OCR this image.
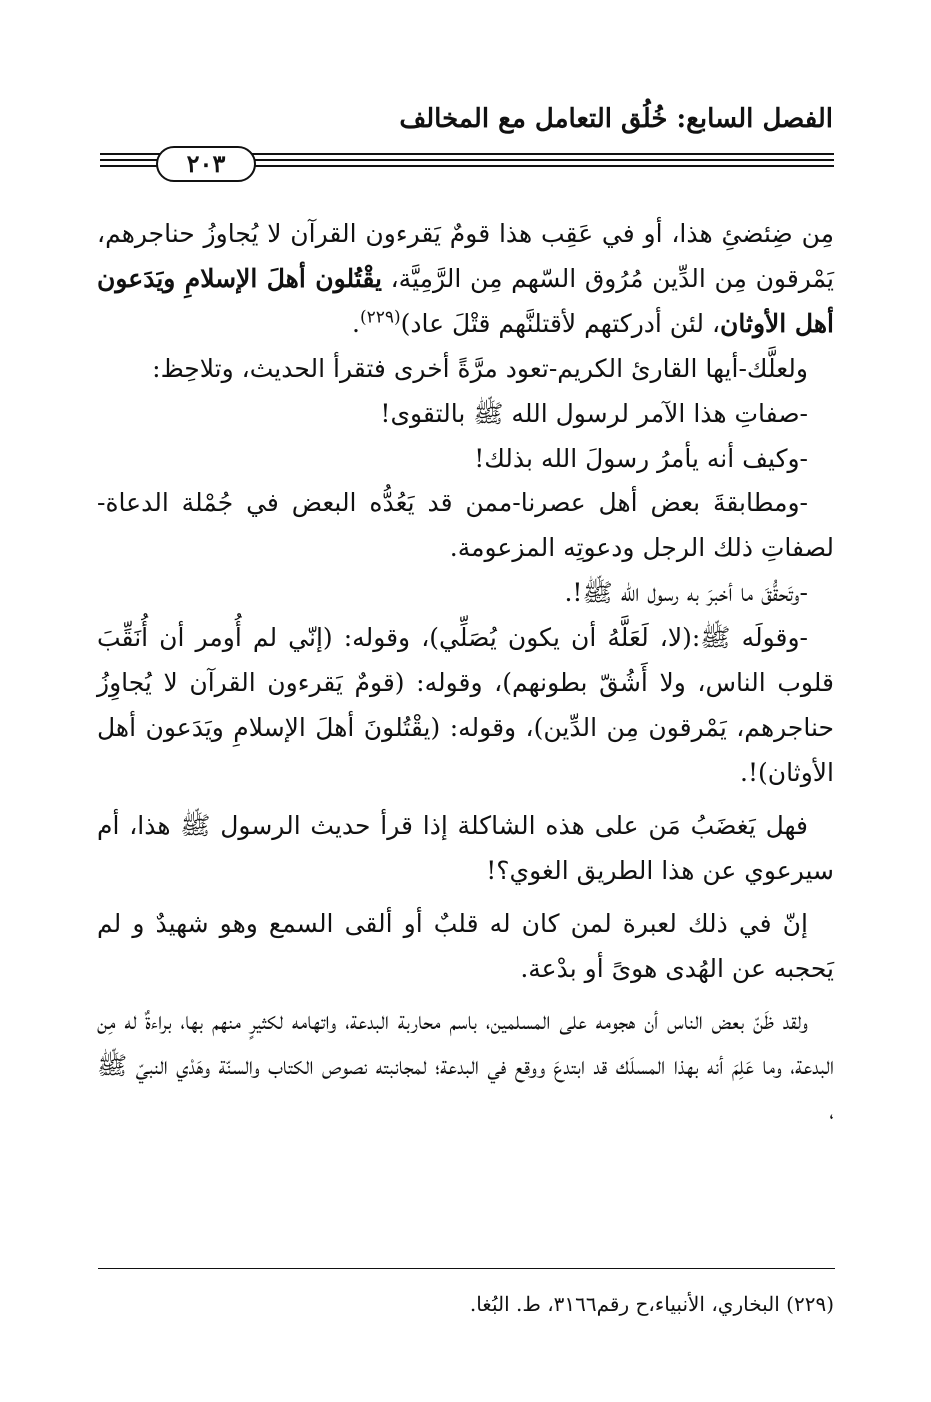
الفصل السابع: خُلُق التعامل مع المخالف
٢٠٣

مِن ضِئضئِ هذا، أو في عَقِب هذا قومٌ يَقرءون القرآن لا يُجاوزُ حناجرهم، يَمْرقون مِن الدِّين مُرُوق السّهم مِن الرَّمِيَّة، يقْتُلون أهلَ الإسلامِ ويَدَعون أهل الأوثان، لئن أدركتهم لأقتلنَّهم قتْلَ عاد)$^{(٢٢٩)}$.

ولعلَّك-أيها القارئ الكريم-تعود مرَّةً أخرى فتقرأ الحديث، وتلاحِظ:

-صفاتِ هذا الآمر لرسول الله ﷺ بالتقوى!

-وكيف أنه يأمرُ رسولَ الله بذلك!

-ومطابقةَ بعض أهل عصرنا-ممن قد يَعُدُّه البعض في جُمْلة الدعاة- لصفاتِ ذلك الرجل ودعوتِه المزعومة.

-وتَحقُّقَ ما أخبرَ به رسول الله ﷺ!.

-وقولَه ﷺ:(لا، لَعَلَّهُ أن يكون يُصَلِّي)، وقوله: (إنّي لم أُومر أن أُنَقِّبَ قلوب الناس، ولا أَشُقّ بطونهم)، وقوله: (قومٌ يَقرءون القرآن لا يُجاوِزُ حناجرهم، يَمْرقون مِن الدِّين)، وقوله: (يقْتُلونَ أهلَ الإسلامِ ويَدَعون أهل الأوثان)!.

فهل يَغضَبُ مَن على هذه الشاكلة إذا قرأ حديث الرسول ﷺ هذا، أم سيرعوي عن هذا الطريق الغوي؟!

إنّ في ذلك لعبرة لمن كان له قلبٌ أو ألقى السمع وهو شهيدٌ و لم يَحجبه عن الهُدى هوىً أو بدْعة.

ولقد ظَنّ بعض الناس أن هجومه على المسلمين، باسم محاربة البدعة، واتهامه لكثيرٍ منهم بها، براءةٌ له مِن البدعة، وما عَلِمَ أنه بهذا المسلَك قد ابتدعَ ووقع في البدعة؛ لمجانبته نصوص الكتاب والسنّة وهَدْي النبيّ ﷺ ،

(٢٢٩) البخاري، الأنبياء،ح رقم٣١٦٦، ط. البُغا.
